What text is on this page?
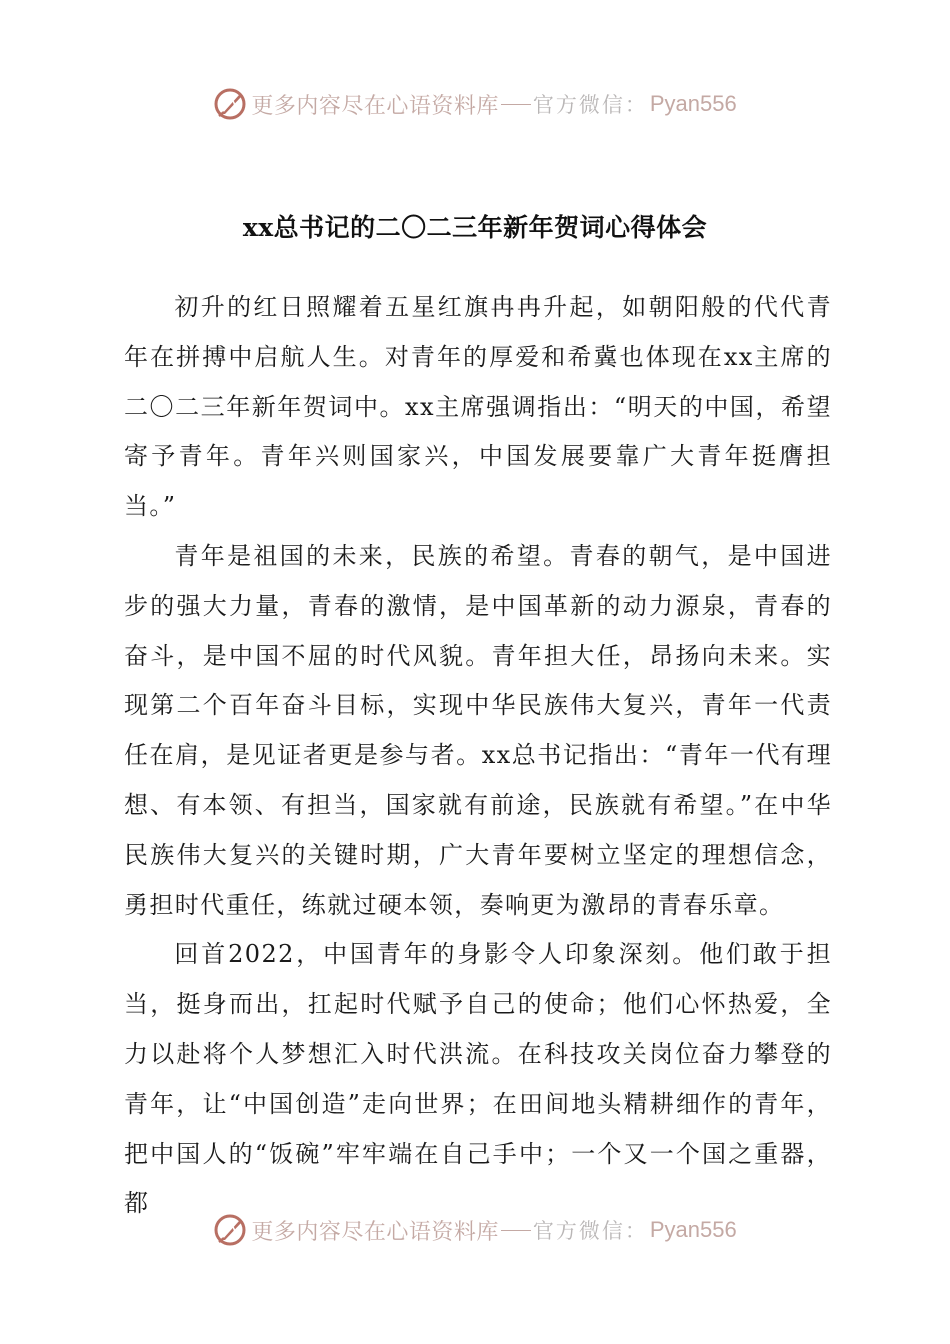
更多内容尽在心语资料库 官方微信： Pyan556
xx总书记的二〇二三年新年贺词心得体会

初升的红日照耀着五星红旗冉冉升起，如朝阳般的代代青年在拼搏中启航人生。对青年的厚爱和希冀也体现在xx主席的二〇二三年新年贺词中。xx主席强调指出：“明天的中国，希望寄予青年。青年兴则国家兴，中国发展要靠广大青年挺膺担当。”

青年是祖国的未来，民族的希望。青春的朝气，是中国进步的强大力量，青春的激情，是中国革新的动力源泉，青春的奋斗，是中国不屈的时代风貌。青年担大任，昂扬向未来。实现第二个百年奋斗目标，实现中华民族伟大复兴，青年一代责任在肩，是见证者更是参与者。xx总书记指出：“青年一代有理想、有本领、有担当，国家就有前途，民族就有希望。”在中华民族伟大复兴的关键时期，广大青年要树立坚定的理想信念，勇担时代重任，练就过硬本领，奏响更为激昂的青春乐章。

回首2022，中国青年的身影令人印象深刻。他们敢于担当，挺身而出，扛起时代赋予自己的使命；他们心怀热爱，全力以赴将个人梦想汇入时代洪流。在科技攻关岗位奋力攀登的青年，让“中国创造”走向世界；在田间地头精耕细作的青年，把中国人的“饭碗”牢牢端在自己手中；一个又一个国之重器，都

更多内容尽在心语资料库 官方微信： Pyan556
